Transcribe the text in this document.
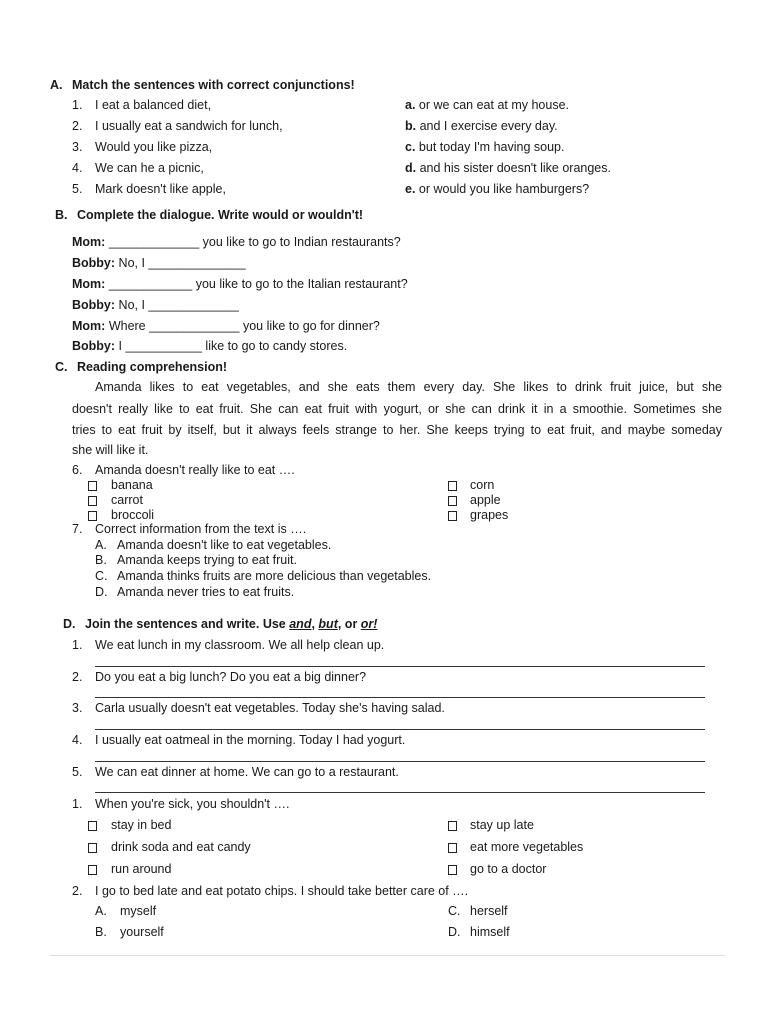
A. Match the sentences with correct conjunctions!
1. I eat a balanced diet,
2. I usually eat a sandwich for lunch,
3. Would you like pizza,
4. We can he a picnic,
5. Mark doesn't like apple,
a. or we can eat at my house.
b. and I exercise every day.
c. but today I'm having soup.
d. and his sister doesn't like oranges.
e. or would you like hamburgers?
B. Complete the dialogue. Write would or wouldn't!
Mom: _____________ you like to go to Indian restaurants?
Bobby: No, I ______________
Mom: ____________ you like to go to the Italian restaurant?
Bobby: No, I _____________
Mom: Where _____________ you like to go for dinner?
Bobby: I ___________ like to go to candy stores.
C. Reading comprehension!
Amanda likes to eat vegetables, and she eats them every day. She likes to drink fruit juice, but she
doesn't really like to eat fruit. She can eat fruit with yogurt, or she can drink it in a smoothie. Sometimes she
tries to eat fruit by itself, but it always feels strange to her. She keeps trying to eat fruit, and maybe someday
she will like it.
6. Amanda doesn't really like to eat ….
banana
carrot
broccoli
corn
apple
grapes
7. Correct information from the text is ….
A. Amanda doesn't like to eat vegetables.
B. Amanda keeps trying to eat fruit.
C. Amanda thinks fruits are more delicious than vegetables.
D. Amanda never tries to eat fruits.
D. Join the sentences and write. Use and, but, or or!
1. We eat lunch in my classroom. We all help clean up.
2. Do you eat a big lunch? Do you eat a big dinner?
3. Carla usually doesn't eat vegetables. Today she's having salad.
4. I usually eat oatmeal in the morning. Today I had yogurt.
5. We can eat dinner at home. We can go to a restaurant.
1. When you're sick, you shouldn't ….
stay in bed
drink soda and eat candy
run around
stay up late
eat more vegetables
go to a doctor
2. I go to bed late and eat potato chips. I should take better care of ….
A. myself
B. yourself
C. herself
D. himself
